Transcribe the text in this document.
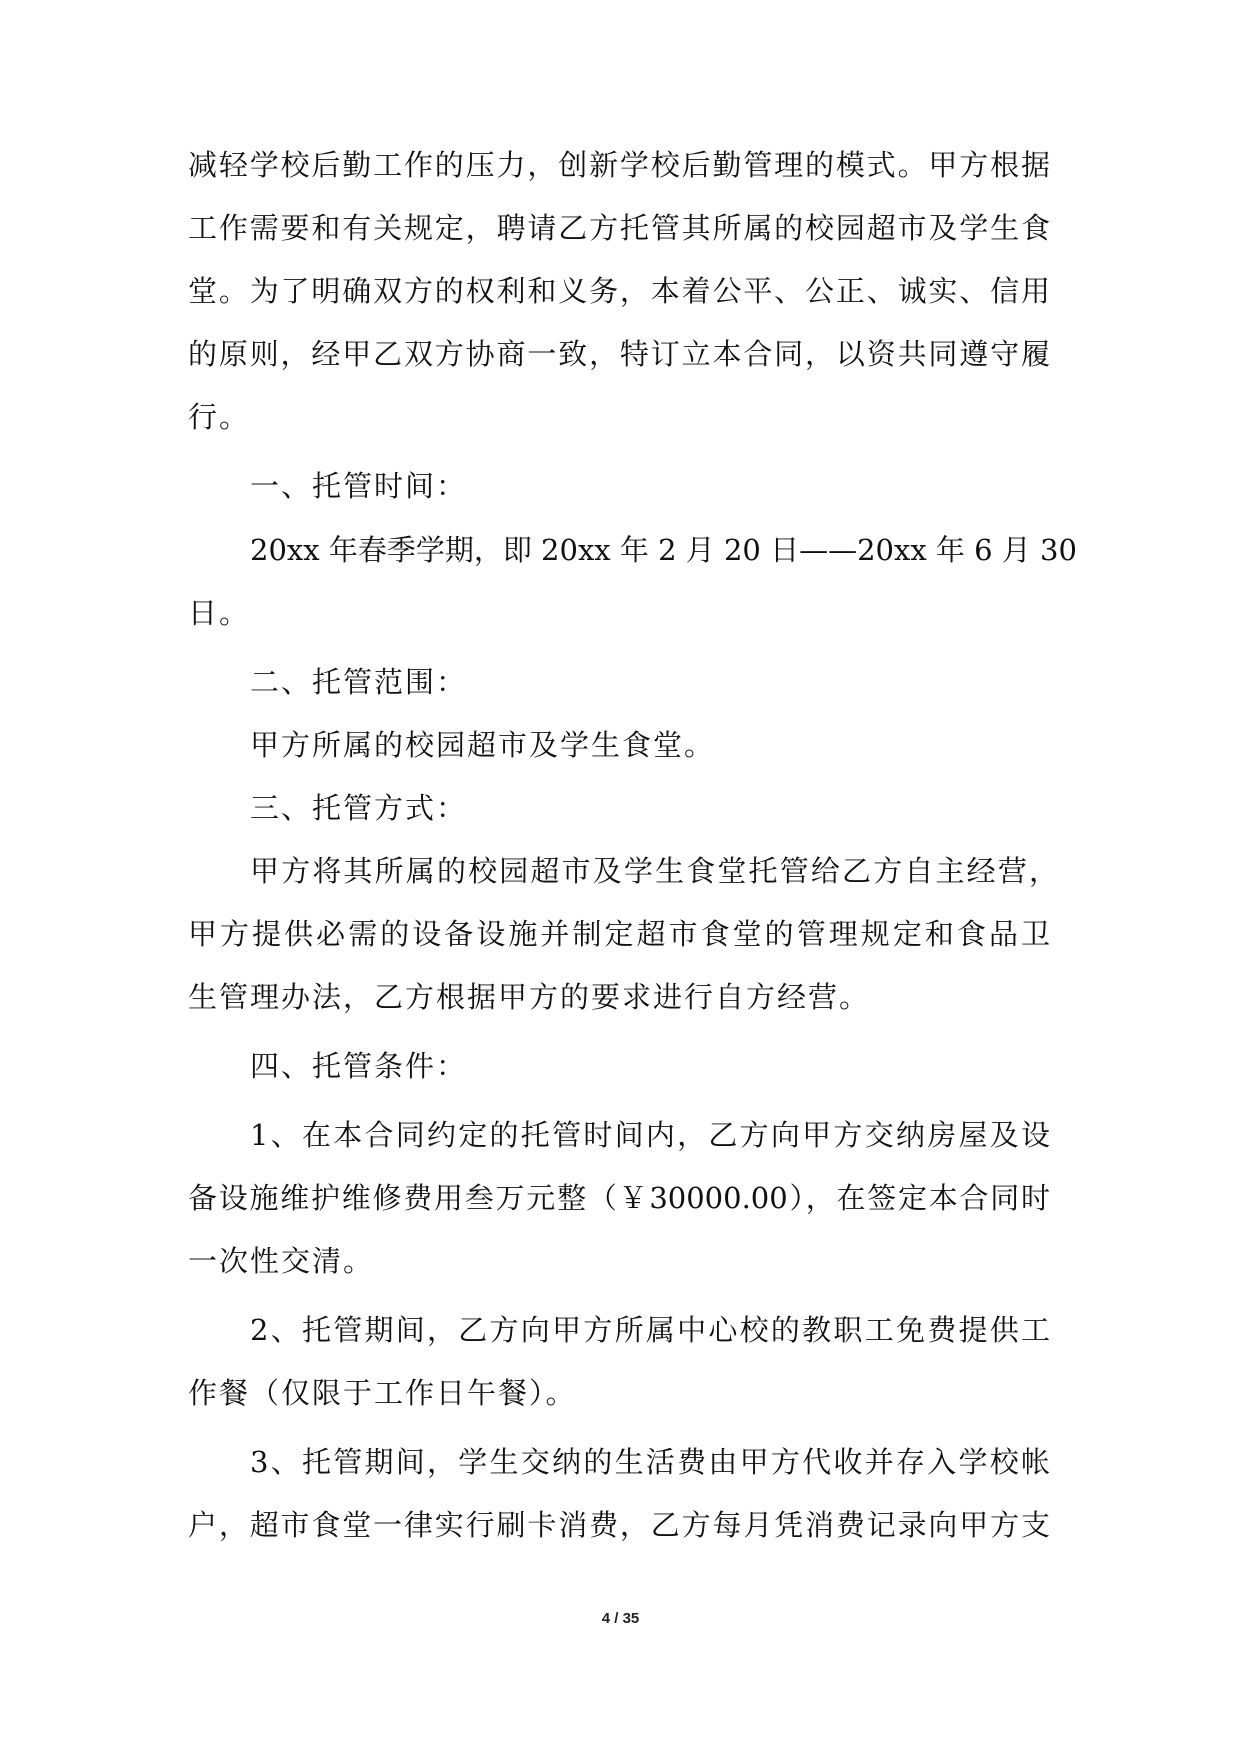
减轻学校后勤工作的压力，创新学校后勤管理的模式。甲方根据
工作需要和有关规定，聘请乙方托管其所属的校园超市及学生食
堂。为了明确双方的权利和义务，本着公平、公正、诚实、信用
的原则，经甲乙双方协商一致，特订立本合同，以资共同遵守履
行。
一、托管时间：
20xx 年春季学期，即 20xx 年 2 月 20 日——20xx 年 6 月 30
日。
二、托管范围：
甲方所属的校园超市及学生食堂。
三、托管方式：
甲方将其所属的校园超市及学生食堂托管给乙方自主经营，
甲方提供必需的设备设施并制定超市食堂的管理规定和食品卫
生管理办法，乙方根据甲方的要求进行自方经营。
四、托管条件：
1、在本合同约定的托管时间内，乙方向甲方交纳房屋及设
备设施维护维修费用叁万元整（￥30000.00），在签定本合同时
一次性交清。
2、托管期间，乙方向甲方所属中心校的教职工免费提供工
作餐（仅限于工作日午餐）。
3、托管期间，学生交纳的生活费由甲方代收并存入学校帐
户，超市食堂一律实行刷卡消费，乙方每月凭消费记录向甲方支
4 / 35
